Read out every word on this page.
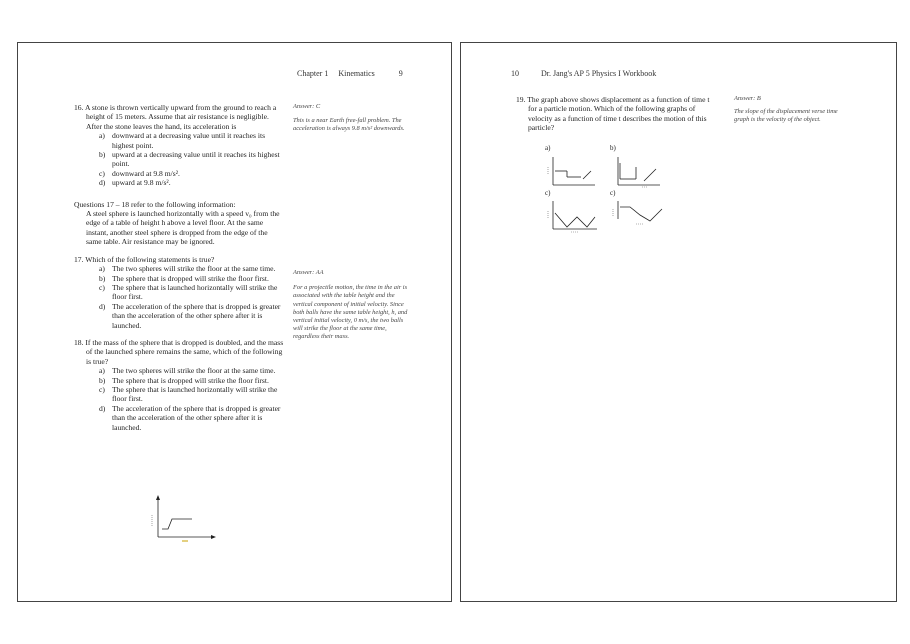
Chapter 1 Kinematics	9
16. A stone is thrown vertically upward from the ground to reach a height of 15 meters. Assume that air resistance is negligible. After the stone leaves the hand, its acceleration is
a) downward at a decreasing value until it reaches its highest point.
b) upward at a decreasing value until it reaches its highest point.
c) downward at 9.8 m/s².
d) upward at 9.8 m/s².
Questions 17 – 18 refer to the following information:
A steel sphere is launched horizontally with a speed v₀ from the edge of a table of height h above a level floor. At the same instant, another steel sphere is dropped from the edge of the same table. Air resistance may be ignored.
17. Which of the following statements is true?
a) The two spheres will strike the floor at the same time.
b) The sphere that is dropped will strike the floor first.
c) The sphere that is launched horizontally will strike the floor first.
d) The acceleration of the sphere that is dropped is greater than the acceleration of the other sphere after it is launched.
18. If the mass of the sphere that is dropped is doubled, and the mass of the launched sphere remains the same, which of the following is true?
a) The two spheres will strike the floor at the same time.
b) The sphere that is dropped will strike the floor first.
c) The sphere that is launched horizontally will strike the floor first.
d) The acceleration of the sphere that is dropped is greater than the acceleration of the other sphere after it is launched.
Answer: C
This is a near Earth free-fall problem. The acceleration is always 9.8 m/s² downwards.
Answer: AA
For a projectile motion, the time in the air is associated with the table height and the vertical component of initial velocity. Since both balls have the same table height, h, and vertical initial velocity, 0 m/s, the two balls will strike the floor at the same time, regardless their mass.
10	Dr. Jang's AP 5 Physics I Workbook
19. The graph above shows displacement as a function of time t for a particle motion. Which of the following graphs of velocity as a function of time t describes the motion of this particle?
Answer: B
The slope of the displacement verse time graph is the velocity of the object.
a)	b)
c)	c)
